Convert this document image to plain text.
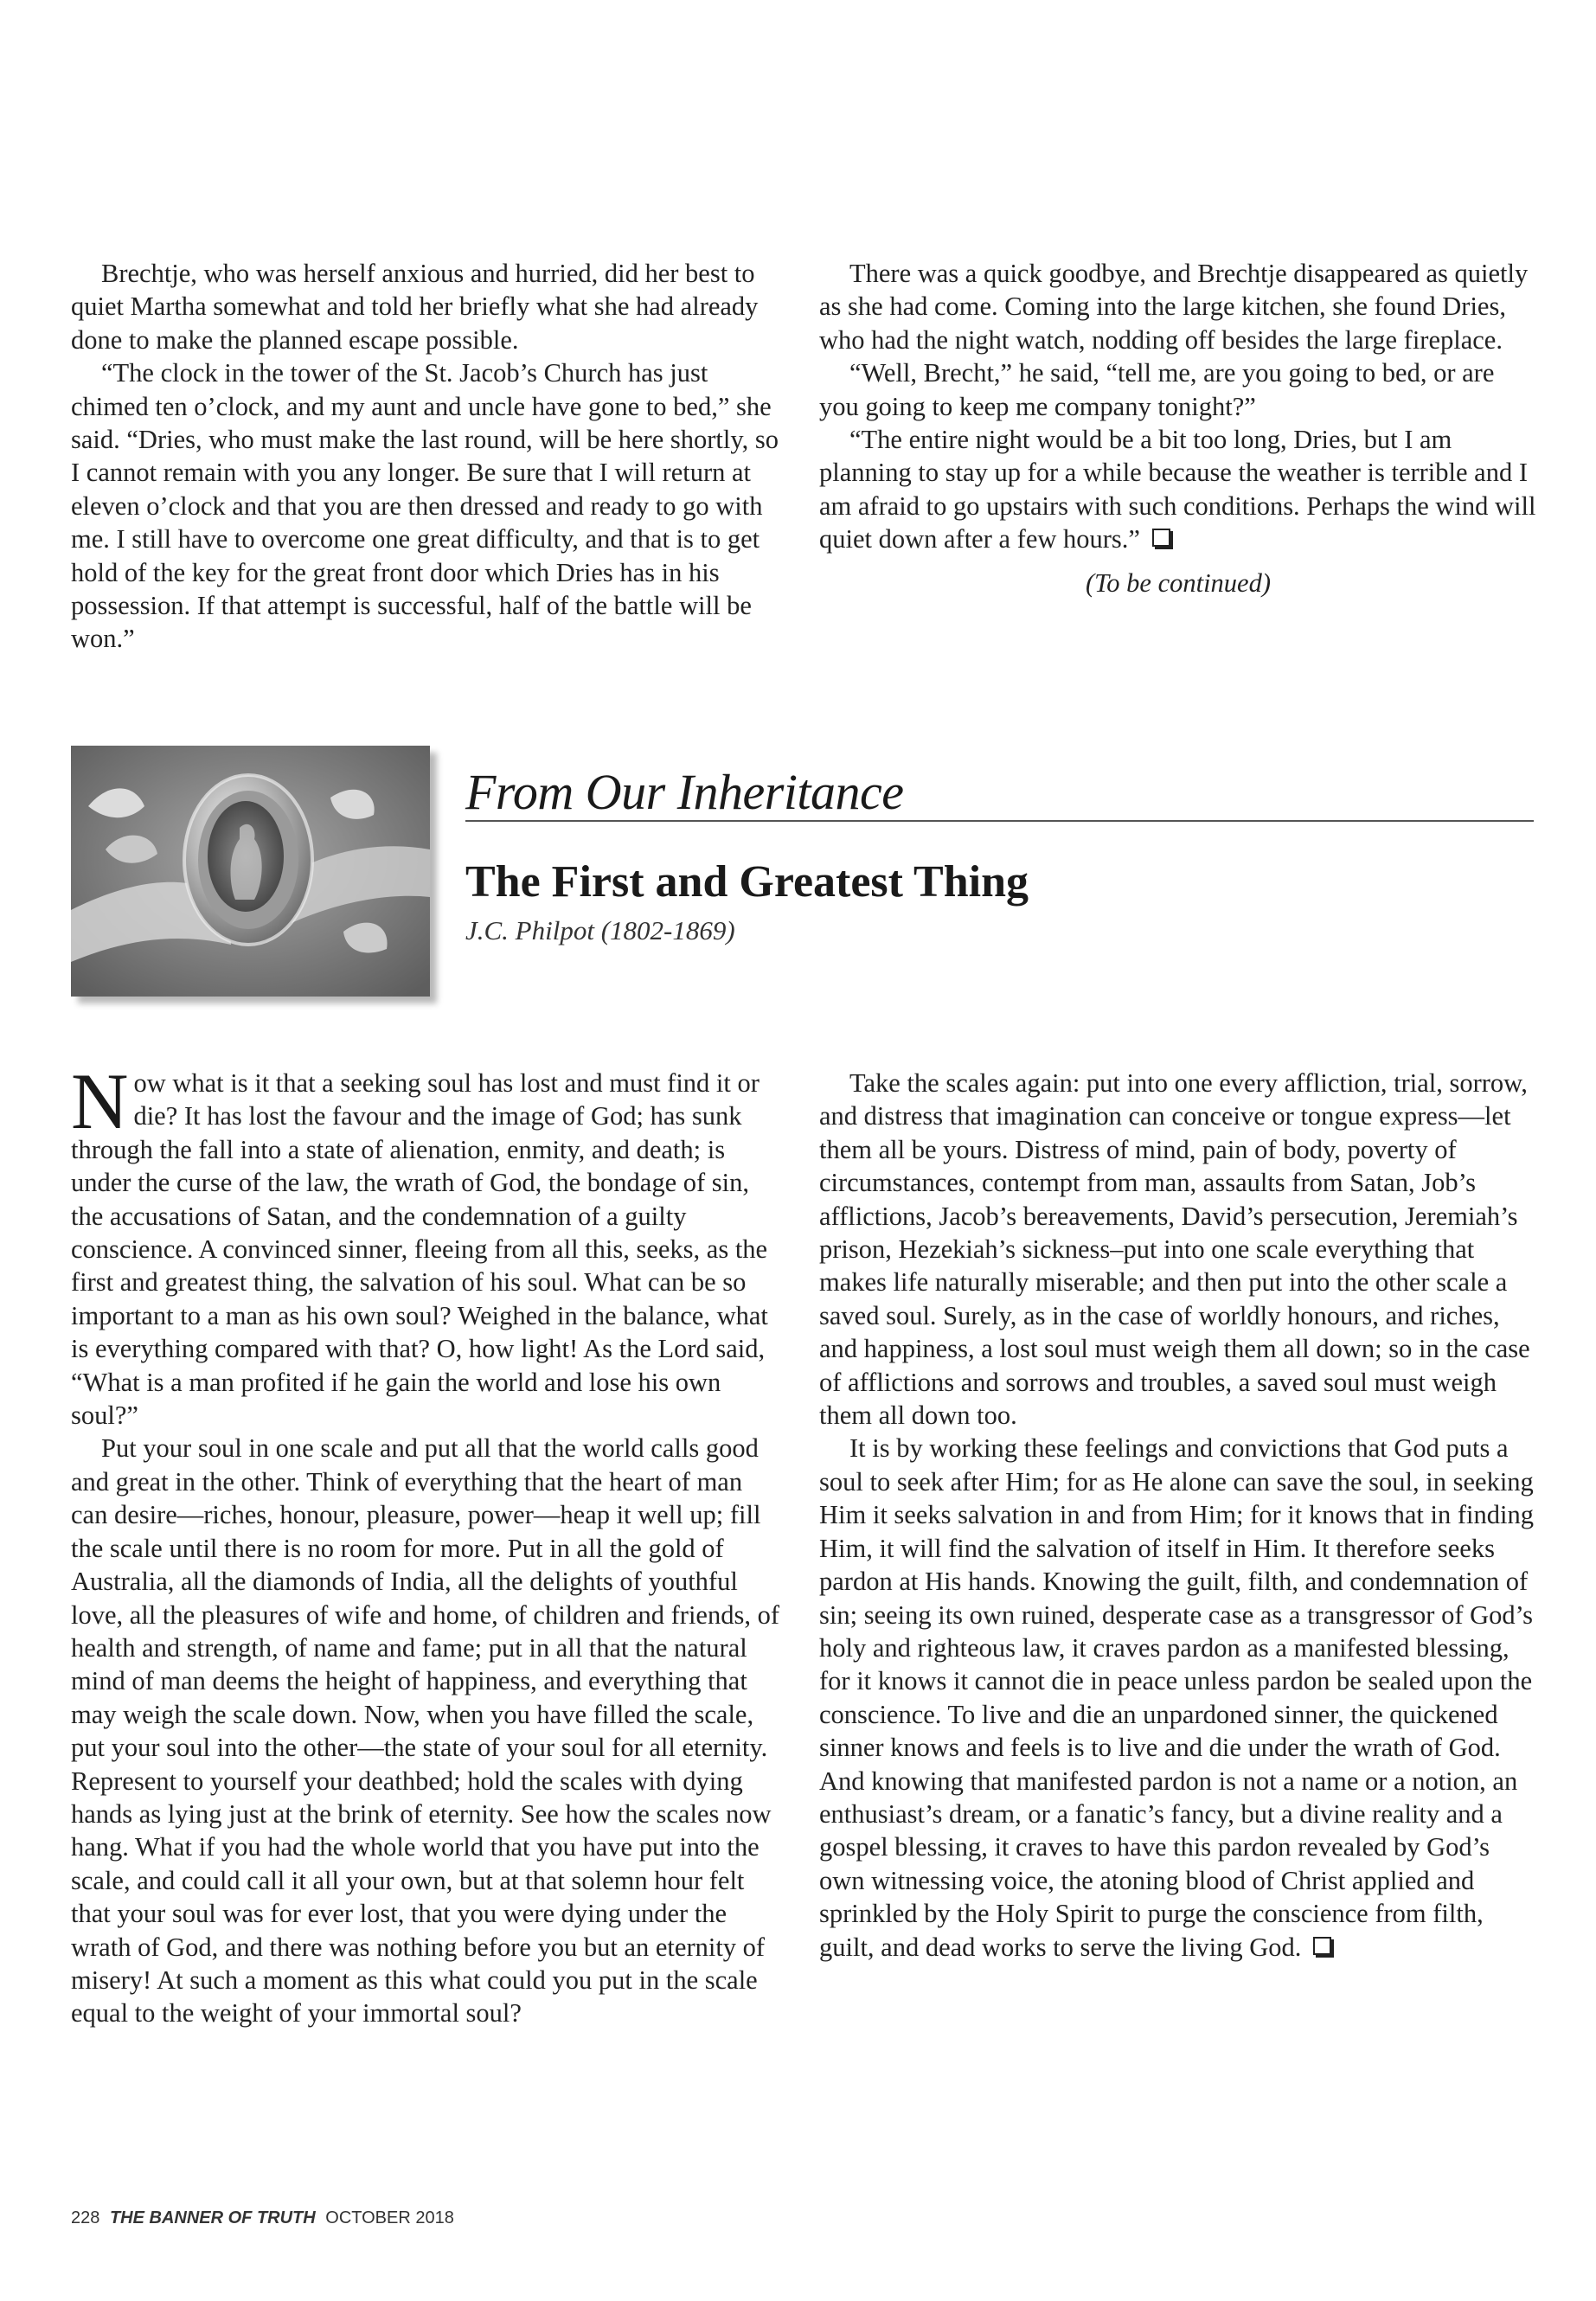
Brechtje, who was herself anxious and hurried, did her best to quiet Martha somewhat and told her briefly what she had already done to make the planned escape possible.

“The clock in the tower of the St. Jacob’s Church has just chimed ten o’clock, and my aunt and uncle have gone to bed,” she said. “Dries, who must make the last round, will be here shortly, so I cannot remain with you any longer. Be sure that I will return at eleven o’clock and that you are then dressed and ready to go with me. I still have to overcome one great difficulty, and that is to get hold of the key for the great front door which Dries has in his possession. If that attempt is successful, half of the battle will be won.”

There was a quick goodbye, and Brechtje disappeared as quietly as she had come. Coming into the large kitchen, she found Dries, who had the night watch, nodding off besides the large fireplace.

“Well, Brecht,” he said, “tell me, are you going to bed, or are you going to keep me company tonight?”

“The entire night would be a bit too long, Dries, but I am planning to stay up for a while because the weather is terrible and I am afraid to go upstairs with such conditions. Perhaps the wind will quiet down after a few hours.”

(To be continued)

From Our Inheritance
The First and Greatest Thing
J.C. Philpot (1802-1869)

Now what is it that a seeking soul has lost and must find it or die? It has lost the favour and the image of God; has sunk through the fall into a state of alienation, enmity, and death; is under the curse of the law, the wrath of God, the bondage of sin, the accusations of Satan, and the condemnation of a guilty conscience. A convinced sinner, fleeing from all this, seeks, as the first and greatest thing, the salvation of his soul. What can be so important to a man as his own soul? Weighed in the balance, what is everything compared with that? O, how light! As the Lord said, “What is a man profited if he gain the world and lose his own soul?”

Put your soul in one scale and put all that the world calls good and great in the other. Think of everything that the heart of man can desire—riches, honour, pleasure, power—heap it well up; fill the scale until there is no room for more. Put in all the gold of Australia, all the diamonds of India, all the delights of youthful love, all the pleasures of wife and home, of children and friends, of health and strength, of name and fame; put in all that the natural mind of man deems the height of happiness, and everything that may weigh the scale down. Now, when you have filled the scale, put your soul into the other—the state of your soul for all eternity. Represent to yourself your deathbed; hold the scales with dying hands as lying just at the brink of eternity. See how the scales now hang. What if you had the whole world that you have put into the scale, and could call it all your own, but at that solemn hour felt that your soul was for ever lost, that you were dying under the wrath of God, and there was nothing before you but an eternity of misery! At such a moment as this what could you put in the scale equal to the weight of your immortal soul?

Take the scales again: put into one every affliction, trial, sorrow, and distress that imagination can conceive or tongue express—let them all be yours. Distress of mind, pain of body, poverty of circumstances, contempt from man, assaults from Satan, Job’s afflictions, Jacob’s bereavements, David’s persecution, Jeremiah’s prison, Hezekiah’s sickness–put into one scale everything that makes life naturally miserable; and then put into the other scale a saved soul. Surely, as in the case of worldly honours, and riches, and happiness, a lost soul must weigh them all down; so in the case of afflictions and sorrows and troubles, a saved soul must weigh them all down too.

It is by working these feelings and convictions that God puts a soul to seek after Him; for as He alone can save the soul, in seeking Him it seeks salvation in and from Him; for it knows that in finding Him, it will find the salvation of itself in Him. It therefore seeks pardon at His hands. Knowing the guilt, filth, and condemnation of sin; seeing its own ruined, desperate case as a transgressor of God’s holy and righteous law, it craves pardon as a manifested blessing, for it knows it cannot die in peace unless pardon be sealed upon the conscience. To live and die an unpardoned sinner, the quickened sinner knows and feels is to live and die under the wrath of God. And knowing that manifested pardon is not a name or a notion, an enthusiast’s dream, or a fanatic’s fancy, but a divine reality and a gospel blessing, it craves to have this pardon revealed by God’s own witnessing voice, the atoning blood of Christ applied and sprinkled by the Holy Spirit to purge the conscience from filth, guilt, and dead works to serve the living God.

228 THE BANNER OF TRUTH OCTOBER 2018
